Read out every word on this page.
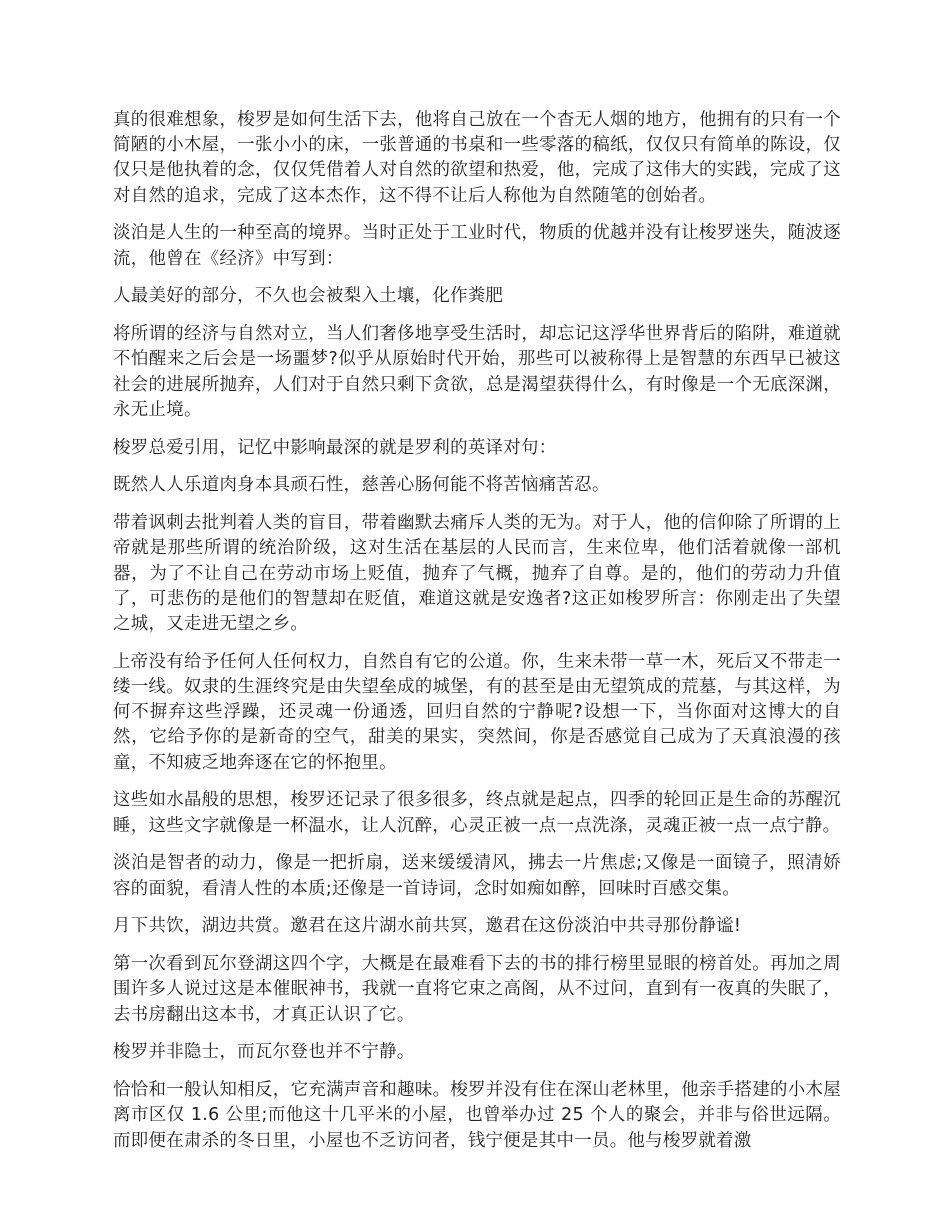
真的很难想象，梭罗是如何生活下去，他将自己放在一个杳无人烟的地方，他拥有的只有一个简陋的小木屋，一张小小的床，一张普通的书桌和一些零落的稿纸，仅仅只有简单的陈设，仅仅只是他执着的念，仅仅凭借着人对自然的欲望和热爱，他，完成了这伟大的实践，完成了这对自然的追求，完成了这本杰作，这不得不让后人称他为自然随笔的创始者。

淡泊是人生的一种至高的境界。当时正处于工业时代，物质的优越并没有让梭罗迷失，随波逐流，他曾在《经济》中写到：

人最美好的部分，不久也会被梨入土壤，化作粪肥

将所谓的经济与自然对立，当人们奢侈地享受生活时，却忘记这浮华世界背后的陷阱，难道就不怕醒来之后会是一场噩梦?似乎从原始时代开始，那些可以被称得上是智慧的东西早已被这社会的进展所抛弃，人们对于自然只剩下贪欲，总是渴望获得什么，有时像是一个无底深渊，永无止境。

梭罗总爱引用，记忆中影响最深的就是罗利的英译对句：

既然人人乐道肉身本具顽石性，慈善心肠何能不将苦恼痛苦忍。

带着讽刺去批判着人类的盲目，带着幽默去痛斥人类的无为。对于人，他的信仰除了所谓的上帝就是那些所谓的统治阶级，这对生活在基层的人民而言，生来位卑，他们活着就像一部机器，为了不让自己在劳动市场上贬值，抛弃了气概，抛弃了自尊。是的，他们的劳动力升值了，可悲伤的是他们的智慧却在贬值，难道这就是安逸者?这正如梭罗所言：你刚走出了失望之城，又走进无望之乡。

上帝没有给予任何人任何权力，自然自有它的公道。你，生来未带一草一木，死后又不带走一缕一线。奴隶的生涯终究是由失望垒成的城堡，有的甚至是由无望筑成的荒墓，与其这样，为何不摒弃这些浮躁，还灵魂一份通透，回归自然的宁静呢?设想一下，当你面对这博大的自然，它给予你的是新奇的空气，甜美的果实，突然间，你是否感觉自己成为了天真浪漫的孩童，不知疲乏地奔逐在它的怀抱里。

这些如水晶般的思想，梭罗还记录了很多很多，终点就是起点，四季的轮回正是生命的苏醒沉睡，这些文字就像是一杯温水，让人沉醉，心灵正被一点一点洗涤，灵魂正被一点一点宁静。

淡泊是智者的动力，像是一把折扇，送来缓缓清风，拂去一片焦虑;又像是一面镜子，照清娇容的面貌，看清人性的本质;还像是一首诗词，念时如痴如醉，回味时百感交集。

月下共饮，湖边共赏。邀君在这片湖水前共冥，邀君在这份淡泊中共寻那份静谧!

第一次看到瓦尔登湖这四个字，大概是在最难看下去的书的排行榜里显眼的榜首处。再加之周围许多人说过这是本催眠神书，我就一直将它束之高阁，从不过问，直到有一夜真的失眠了，去书房翻出这本书，才真正认识了它。

梭罗并非隐士，而瓦尔登也并不宁静。

恰恰和一般认知相反，它充满声音和趣味。梭罗并没有住在深山老林里，他亲手搭建的小木屋离市区仅 1.6 公里;而他这十几平米的小屋，也曾举办过 25 个人的聚会，并非与俗世远隔。而即便在肃杀的冬日里，小屋也不乏访问者，钱宁便是其中一员。他与梭罗就着激
